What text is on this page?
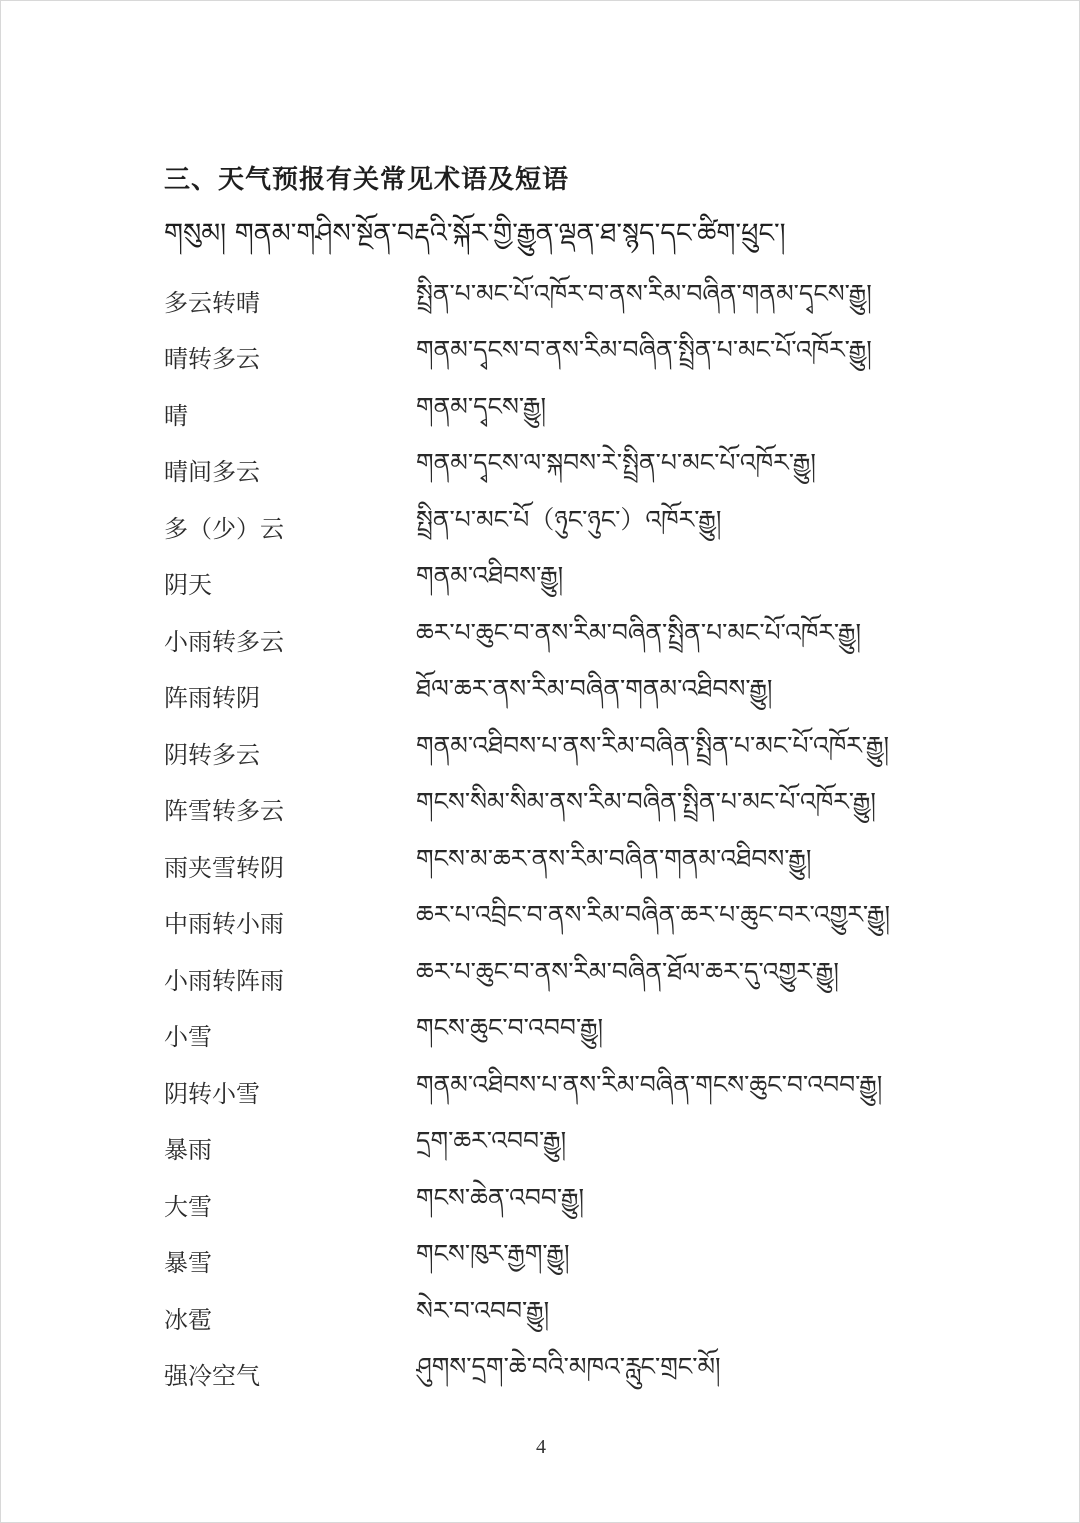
三、天气预报有关常见术语及短语
གསུམ། གནམ་གཤིས་སྔོན་བརྡའི་སྐོར་གྱི་རྒྱུན་ལྡན་ཐ་སྙད་དང་ཚིག་ཕྲུང་།
多云转晴	སྤྲིན་པ་མང་པོ་འཁོར་བ་ནས་རིམ་བཞིན་གནམ་དྭངས་རྒྱུ།
晴转多云	གནམ་དྭངས་བ་ནས་རིམ་བཞིན་སྤྲིན་པ་མང་པོ་འཁོར་རྒྱུ།
晴	གནམ་དྭངས་རྒྱུ།
晴间多云	གནམ་དྭངས་ལ་སྐབས་རེ་སྤྲིན་པ་མང་པོ་འཁོར་རྒྱུ།
多（少）云	སྤྲིན་པ་མང་པོ（ཉུང་ཉུང་）འཁོར་རྒྱུ།
阴天	གནམ་འཐིབས་རྒྱུ།
小雨转多云	ཆར་པ་ཆུང་བ་ནས་རིམ་བཞིན་སྤྲིན་པ་མང་པོ་འཁོར་རྒྱུ།
阵雨转阴	ཐོལ་ཆར་ནས་རིམ་བཞིན་གནམ་འཐིབས་རྒྱུ།
阴转多云	གནམ་འཐིབས་པ་ནས་རིམ་བཞིན་སྤྲིན་པ་མང་པོ་འཁོར་རྒྱུ།
阵雪转多云	གངས་སིམ་སིམ་ནས་རིམ་བཞིན་སྤྲིན་པ་མང་པོ་འཁོར་རྒྱུ།
雨夹雪转阴	གངས་མ་ཆར་ནས་རིམ་བཞིན་གནམ་འཐིབས་རྒྱུ།
中雨转小雨	ཆར་པ་འབྲིང་བ་ནས་རིམ་བཞིན་ཆར་པ་ཆུང་བར་འགྱུར་རྒྱུ།
小雨转阵雨	ཆར་པ་ཆུང་བ་ནས་རིམ་བཞིན་ཐོལ་ཆར་དུ་འགྱུར་རྒྱུ།
小雪	གངས་ཆུང་བ་འབབ་རྒྱུ།
阴转小雪	གནམ་འཐིབས་པ་ནས་རིམ་བཞིན་གངས་ཆུང་བ་འབབ་རྒྱུ།
暴雨	དྲག་ཆར་འབབ་རྒྱུ།
大雪	གངས་ཆེན་འབབ་རྒྱུ།
暴雪	གངས་ཁུར་རྒྱག་རྒྱུ།
冰雹	སེར་བ་འབབ་རྒྱུ།
强冷空气	ཤུགས་དྲག་ཆེ་བའི་མཁའ་རླུང་གྲང་མོ།
4
